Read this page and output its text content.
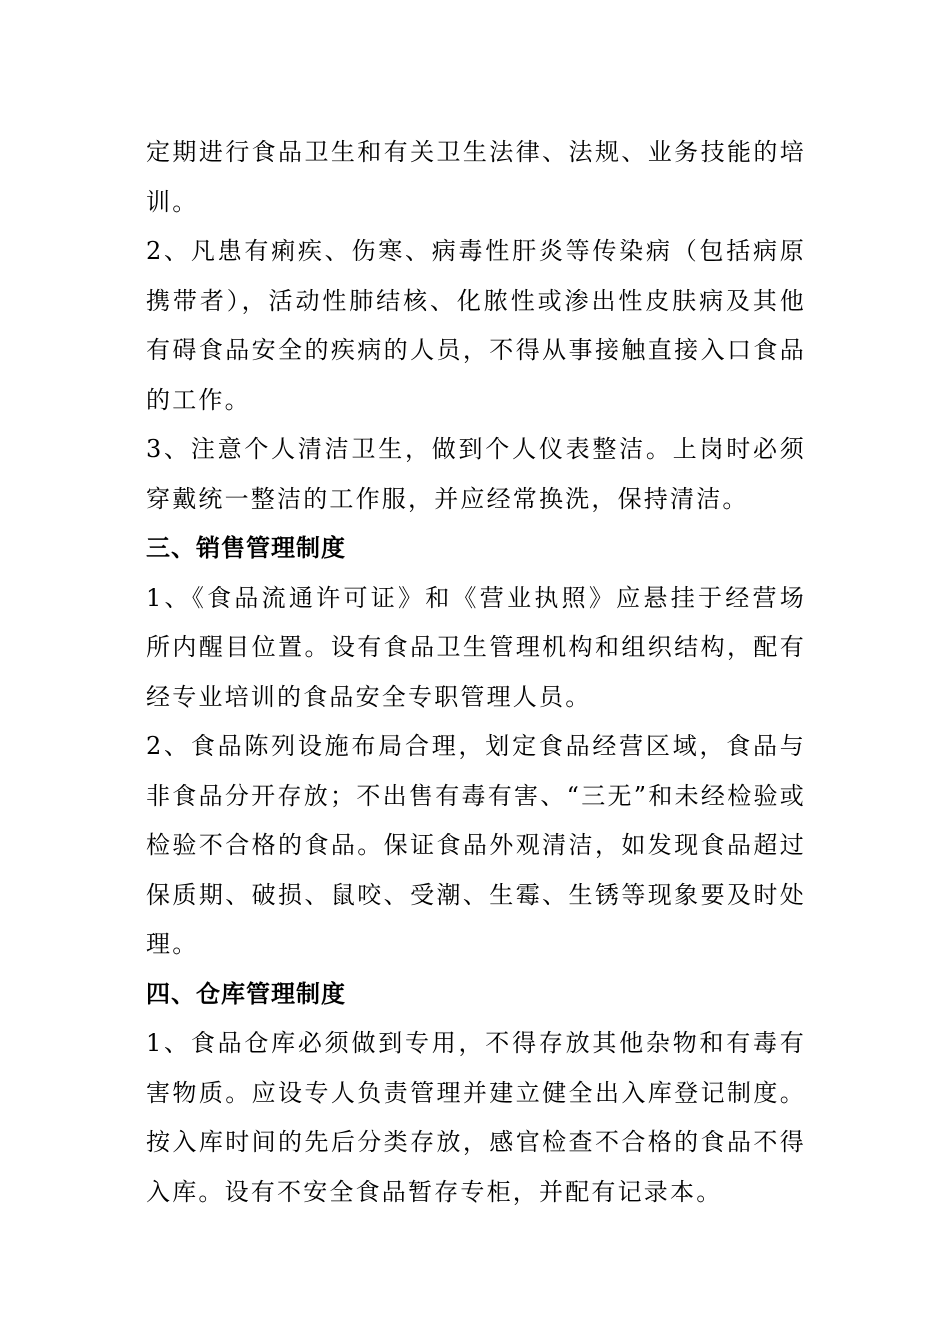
定期进行食品卫生和有关卫生法律、法规、业务技能的培训。

2、凡患有痢疾、伤寒、病毒性肝炎等传染病（包括病原携带者），活动性肺结核、化脓性或渗出性皮肤病及其他有碍食品安全的疾病的人员，不得从事接触直接入口食品的工作。

3、注意个人清洁卫生，做到个人仪表整洁。上岗时必须穿戴统一整洁的工作服，并应经常换洗，保持清洁。

三、销售管理制度

1、《食品流通许可证》和《营业执照》应悬挂于经营场所内醒目位置。设有食品卫生管理机构和组织结构，配有经专业培训的食品安全专职管理人员。

2、食品陈列设施布局合理，划定食品经营区域，食品与非食品分开存放；不出售有毒有害、“三无”和未经检验或检验不合格的食品。保证食品外观清洁，如发现食品超过保质期、破损、鼠咬、受潮、生霉、生锈等现象要及时处理。

四、仓库管理制度

1、食品仓库必须做到专用，不得存放其他杂物和有毒有害物质。应设专人负责管理并建立健全出入库登记制度。按入库时间的先后分类存放，感官检查不合格的食品不得入库。设有不安全食品暂存专柜，并配有记录本。
